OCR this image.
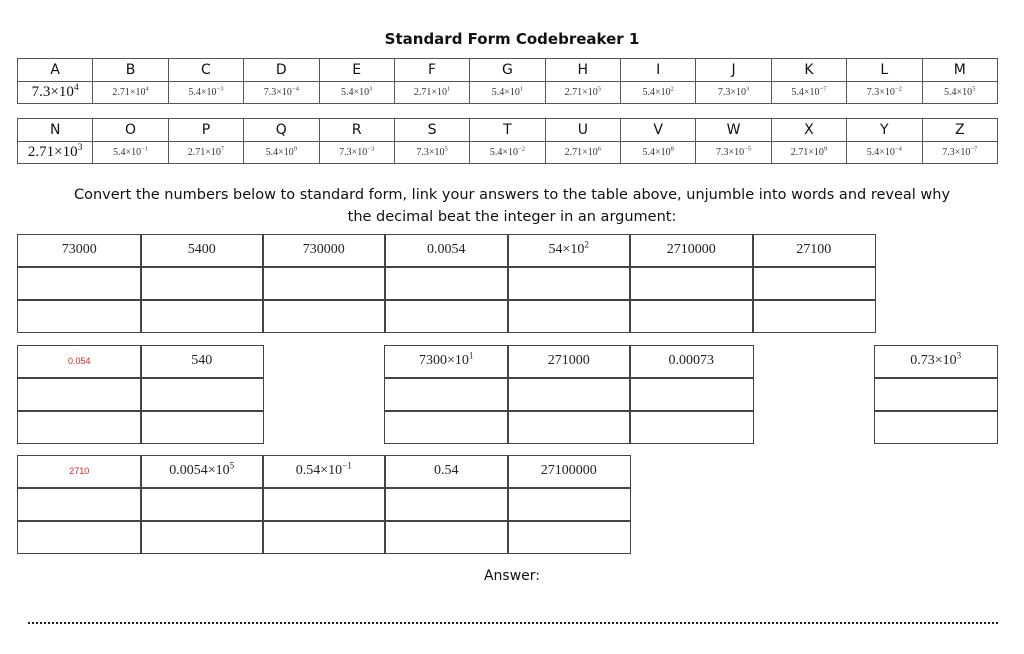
Standard Form Codebreaker 1
A	B	C	D	E	F	G	H	I	J	K	L	M
$7.3\times 10^4$	$2.71\times 10^4$	$5.4\times 10^{-3}$	$7.3\times 10^{-4}$	$5.4\times 10^3$	$2.71\times 10^1$	$5.4\times 10^1$	$2.71\times 10^5$	$5.4\times 10^2$	$7.3\times 10^3$	$5.4\times 10^{-7}$	$7.3\times 10^{-2}$	$5.4\times 10^5$
N	O	P	Q	R	S	T	U	V	W	X	Y	Z
$2.71\times 10^3$	$5.4\times 10^{-1}$	$2.71\times 10^7$	$5.4\times 10^9$	$7.3\times 10^{-3}$	$7.3\times 10^5$	$5.4\times 10^{-2}$	$2.71\times 10^6$	$5.4\times 10^8$	$7.3\times 10^{-5}$	$2.71\times 10^9$	$5.4\times 10^{-4}$	$7.3\times 10^{-7}$
Convert the numbers below to standard form, link your answers to the table above, unjumble into words and reveal why
the decimal beat the integer in an argument:
73000	5400	730000	0.0054	$54\times 10^2$	2710000	27100
0.054	540	$7300\times 10^1$	271000	0.00073	$0.73\times 10^3$
2710	$0.0054\times 10^5$	$0.54\times 10^{-1}$	0.54	27100000
Answer:
